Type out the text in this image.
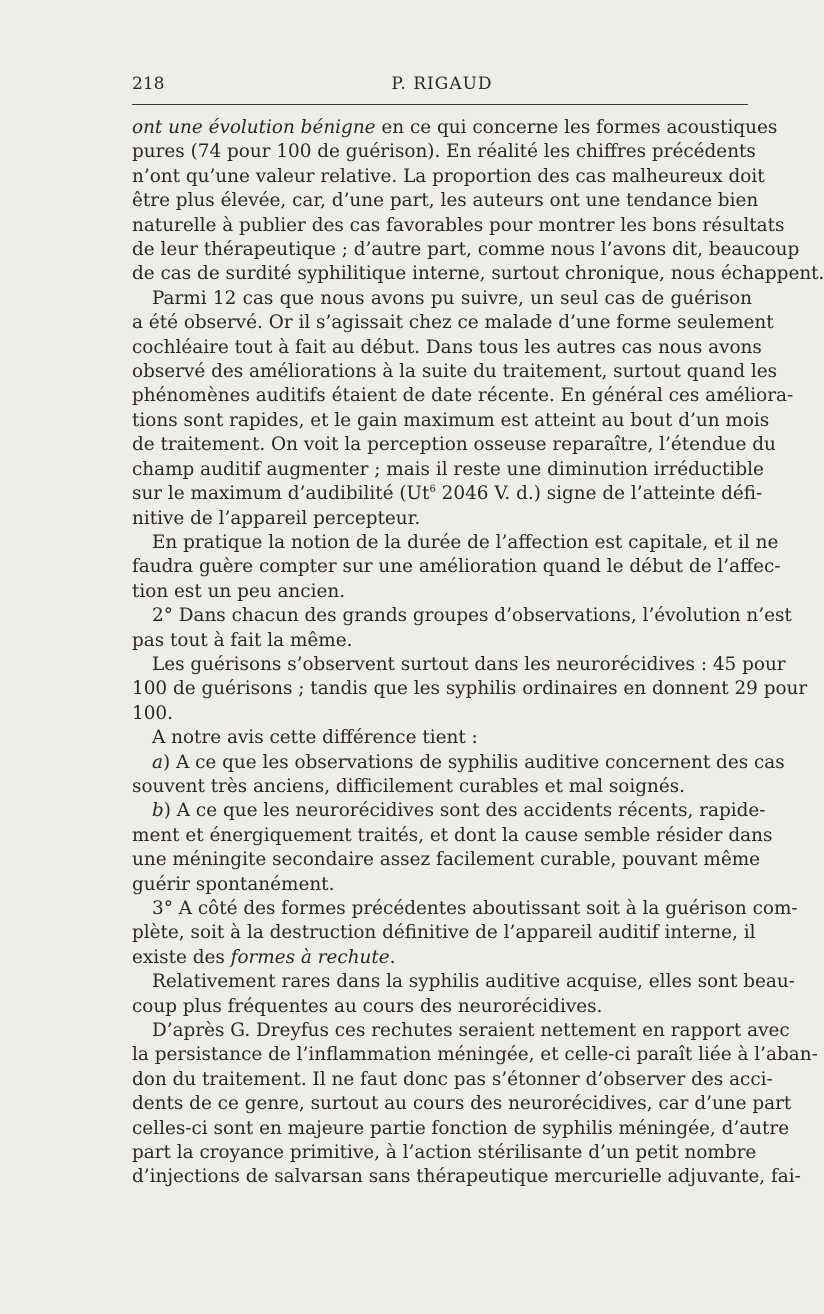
218	P. RIGAUD
ont une évolution bénigne en ce qui concerne les formes acoustiques
pures (74 pour 100 de guérison). En réalité les chiffres précédents
n’ont qu’une valeur relative. La proportion des cas malheureux doit
être plus élevée, car, d’une part, les auteurs ont une tendance bien
naturelle à publier des cas favorables pour montrer les bons résultats
de leur thérapeutique ; d’autre part, comme nous l’avons dit, beaucoup
de cas de surdité syphilitique interne, surtout chronique, nous échappent.
Parmi 12 cas que nous avons pu suivre, un seul cas de guérison
a été observé. Or il s’agissait chez ce malade d’une forme seulement
cochléaire tout à fait au début. Dans tous les autres cas nous avons
observé des améliorations à la suite du traitement, surtout quand les
phénomènes auditifs étaient de date récente. En général ces améliora-
tions sont rapides, et le gain maximum est atteint au bout d’un mois
de traitement. On voit la perception osseuse reparaître, l’étendue du
champ auditif augmenter ; mais il reste une diminution irréductible
sur le maximum d’audibilité (Ut$^6$ 2046 V. d.) signe de l’atteinte défi-
nitive de l’appareil percepteur.
En pratique la notion de la durée de l’affection est capitale, et il ne
faudra guère compter sur une amélioration quand le début de l’affec-
tion est un peu ancien.
2° Dans chacun des grands groupes d’observations, l’évolution n’est
pas tout à fait la même.
Les guérisons s’observent surtout dans les neurorécidives : 45 pour
100 de guérisons ; tandis que les syphilis ordinaires en donnent 29 pour
100.
A notre avis cette différence tient :
a) A ce que les observations de syphilis auditive concernent des cas
souvent très anciens, difficilement curables et mal soignés.
b) A ce que les neurorécidives sont des accidents récents, rapide-
ment et énergiquement traités, et dont la cause semble résider dans
une méningite secondaire assez facilement curable, pouvant même
guérir spontanément.
3° A côté des formes précédentes aboutissant soit à la guérison com-
plète, soit à la destruction définitive de l’appareil auditif interne, il
existe des formes à rechute.
Relativement rares dans la syphilis auditive acquise, elles sont beau-
coup plus fréquentes au cours des neurorécidives.
D’après G. Dreyfus ces rechutes seraient nettement en rapport avec
la persistance de l’inflammation méningée, et celle-ci paraît liée à l’aban-
don du traitement. Il ne faut donc pas s’étonner d’observer des acci-
dents de ce genre, surtout au cours des neurorécidives, car d’une part
celles-ci sont en majeure partie fonction de syphilis méningée, d’autre
part la croyance primitive, à l’action stérilisante d’un petit nombre
d’injections de salvarsan sans thérapeutique mercurielle adjuvante, fai-
